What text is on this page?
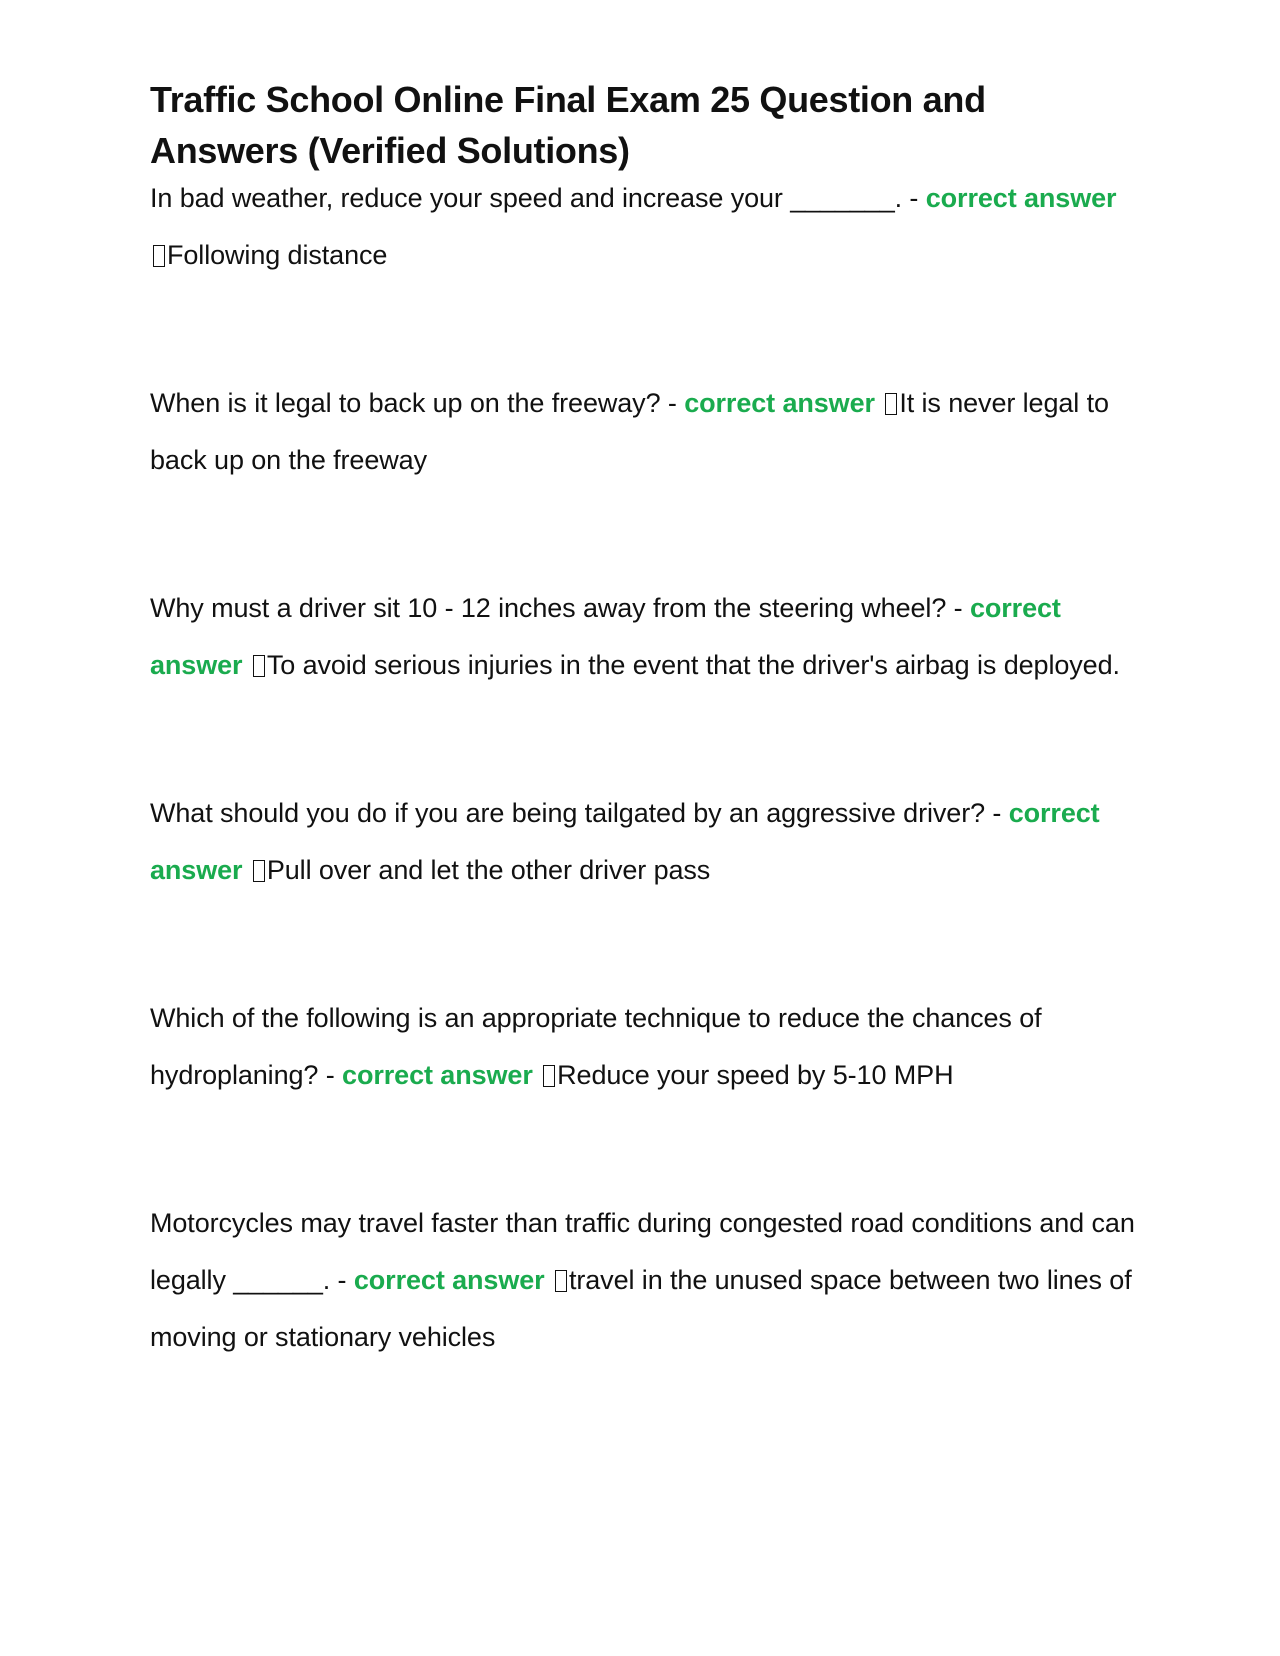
Traffic School Online Final Exam 25 Question and Answers (Verified Solutions)

In bad weather, reduce your speed and increase your _______. - correct answer Following distance

When is it legal to back up on the freeway? - correct answer It is never legal to back up on the freeway

Why must a driver sit 10 - 12 inches away from the steering wheel? - correct answer To avoid serious injuries in the event that the driver's airbag is deployed.

What should you do if you are being tailgated by an aggressive driver? - correct answer Pull over and let the other driver pass

Which of the following is an appropriate technique to reduce the chances of hydroplaning? - correct answer Reduce your speed by 5-10 MPH

Motorcycles may travel faster than traffic during congested road conditions and can legally ______. - correct answer travel in the unused space between two lines of moving or stationary vehicles
